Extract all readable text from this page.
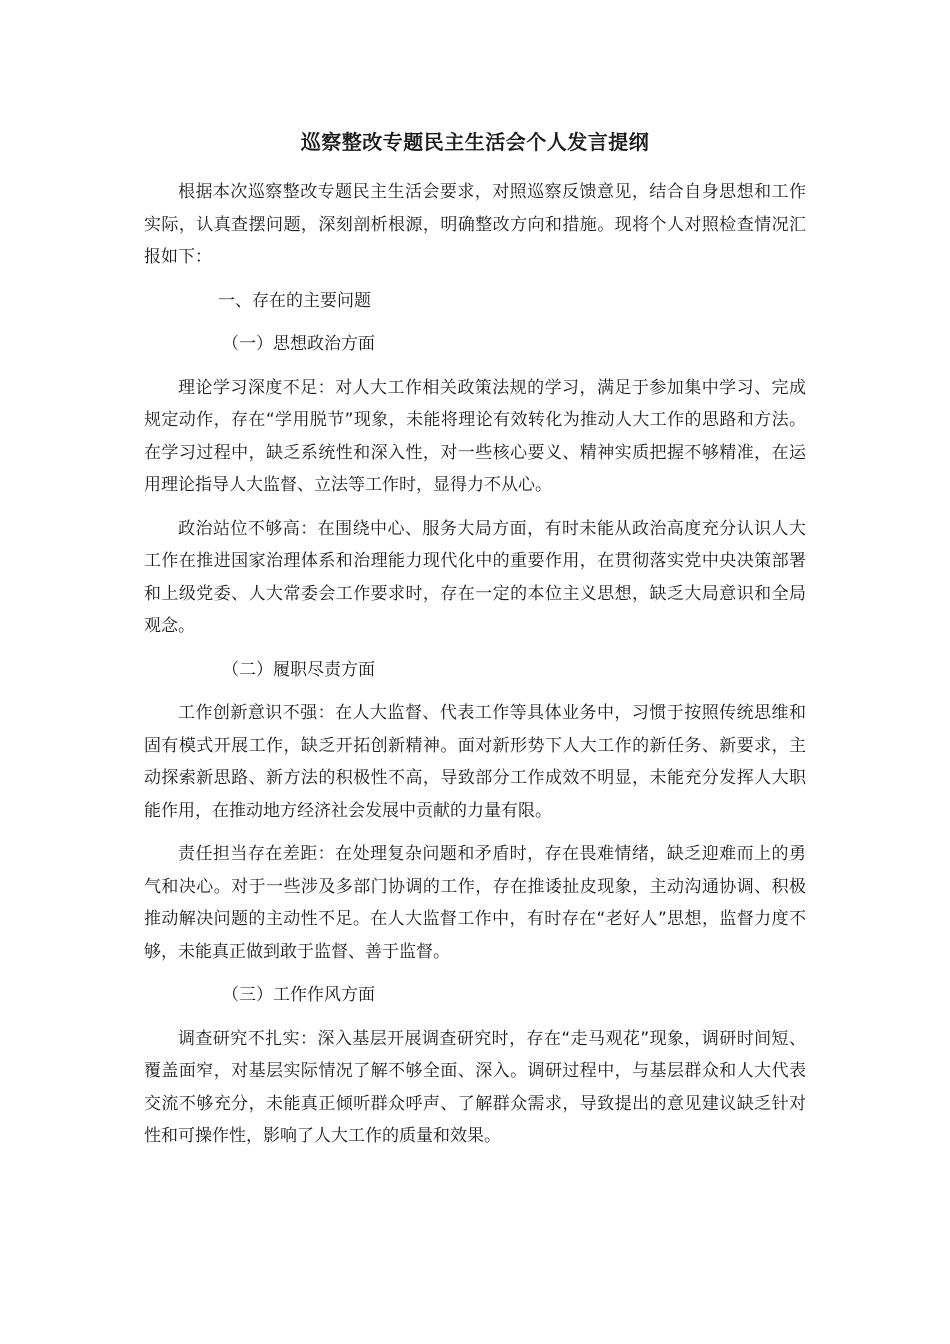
巡察整改专题民主生活会个人发言提纲

根据本次巡察整改专题民主生活会要求，对照巡察反馈意见，结合自身思想和工作实际，认真查摆问题，深刻剖析根源，明确整改方向和措施。现将个人对照检查情况汇报如下：

一、存在的主要问题

（一）思想政治方面

理论学习深度不足：对人大工作相关政策法规的学习，满足于参加集中学习、完成规定动作，存在“学用脱节”现象，未能将理论有效转化为推动人大工作的思路和方法。在学习过程中，缺乏系统性和深入性，对一些核心要义、精神实质把握不够精准，在运用理论指导人大监督、立法等工作时，显得力不从心。

政治站位不够高：在围绕中心、服务大局方面，有时未能从政治高度充分认识人大工作在推进国家治理体系和治理能力现代化中的重要作用，在贯彻落实党中央决策部署和上级党委、人大常委会工作要求时，存在一定的本位主义思想，缺乏大局意识和全局观念。

（二）履职尽责方面

工作创新意识不强：在人大监督、代表工作等具体业务中，习惯于按照传统思维和固有模式开展工作，缺乏开拓创新精神。面对新形势下人大工作的新任务、新要求，主动探索新思路、新方法的积极性不高，导致部分工作成效不明显，未能充分发挥人大职能作用，在推动地方经济社会发展中贡献的力量有限。

责任担当存在差距：在处理复杂问题和矛盾时，存在畏难情绪，缺乏迎难而上的勇气和决心。对于一些涉及多部门协调的工作，存在推诿扯皮现象，主动沟通协调、积极推动解决问题的主动性不足。在人大监督工作中，有时存在“老好人”思想，监督力度不够，未能真正做到敢于监督、善于监督。

（三）工作作风方面

调查研究不扎实：深入基层开展调查研究时，存在“走马观花”现象，调研时间短、覆盖面窄，对基层实际情况了解不够全面、深入。调研过程中，与基层群众和人大代表交流不够充分，未能真正倾听群众呼声、了解群众需求，导致提出的意见建议缺乏针对性和可操作性，影响了人大工作的质量和效果。
